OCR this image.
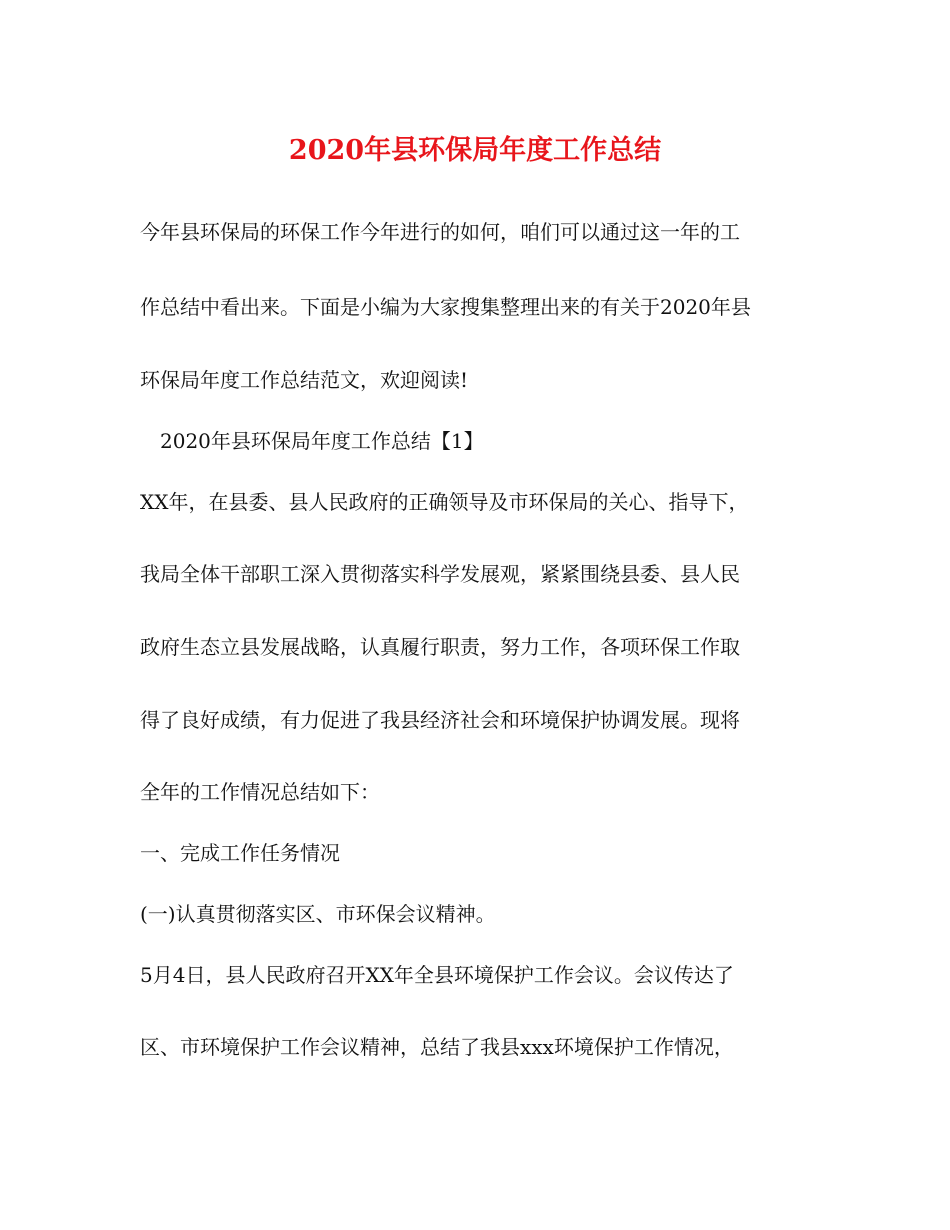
2020年县环保局年度工作总结
今年县环保局的环保工作今年进行的如何，咱们可以通过这一年的工
作总结中看出来。下面是小编为大家搜集整理出来的有关于2020年县
环保局年度工作总结范文，欢迎阅读!
2020年县环保局年度工作总结【1】
XX年，在县委、县人民政府的正确领导及市环保局的关心、指导下，
我局全体干部职工深入贯彻落实科学发展观，紧紧围绕县委、县人民
政府生态立县发展战略，认真履行职责，努力工作，各项环保工作取
得了良好成绩，有力促进了我县经济社会和环境保护协调发展。现将
全年的工作情况总结如下：
一、完成工作任务情况
(一)认真贯彻落实区、市环保会议精神。
5月4日，县人民政府召开XX年全县环境保护工作会议。会议传达了
区、市环境保护工作会议精神，总结了我县xxx环境保护工作情况，
